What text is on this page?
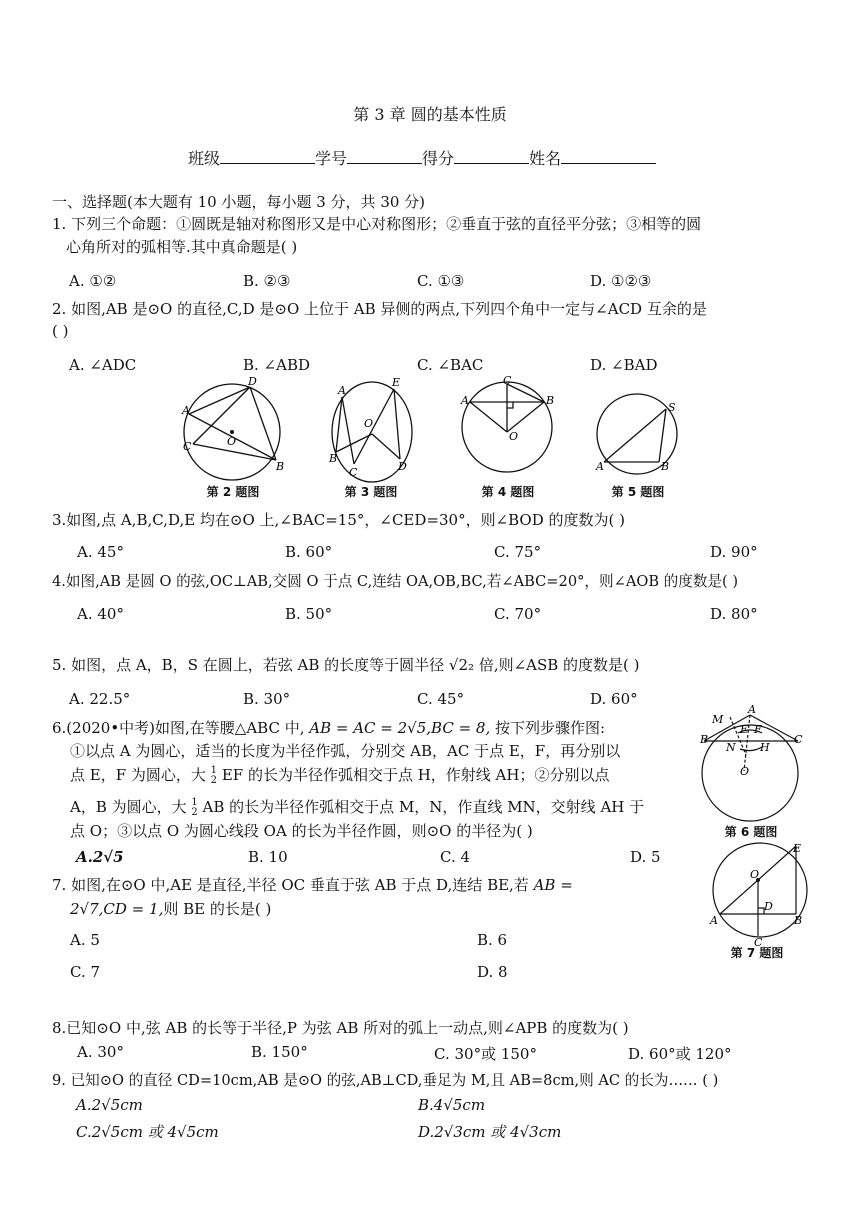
第 3 章 圆的基本性质
班级	学号	得分	姓名
一、选择题(本大题有 10 小题，每小题 3 分，共 30 分)
1. 下列三个命题：①圆既是轴对称图形又是中心对称图形；②垂直于弦的直径平分弦；③相等的圆
心角所对的弧相等.其中真命题是( )
A. ①②	B. ②③	C. ①③	D. ①②③
2. 如图,AB 是⊙O 的直径,C,D 是⊙O 上位于 AB 异侧的两点,下列四个角中一定与∠ACD 互余的是
( )
A. ∠ADC	B. ∠ABD	C. ∠BAC	D. ∠BAD
A
D
C	O
B
A
E
O
B
C	D
C
A	B
O
S
A	B
第 2 题图	第 3 题图	第 4 题图	第 5 题图
3.如图,点 A,B,C,D,E 均在⊙O 上,∠BAC=15°，∠CED=30°，则∠BOD 的度数为( )
A. 45°	B. 60°	C. 75°	D. 90°
4.如图,AB 是圆 O 的弦,OC⊥AB,交圆 O 于点 C,连结 OA,OB,BC,若∠ABC=20°，则∠AOB 的度数是( )
A. 40°	B. 50°	C. 70°	D. 80°
5. 如图，点 A，B，S 在圆上，若弦 AB 的长度等于圆半径 √2₂ 倍,则∠ASB 的度数是( )
A. 22.5°	B. 30°	C. 45°	D. 60°
6.(2020•中考)如图,在等腰△ABC 中, AB = AC = 2√5,BC = 8, 按下列步骤作图:
①以点 A 为圆心，适当的长度为半径作弧，分别交 AB，AC 于点 E，F，再分别以
点 E，F 为圆心，大 1
2 EF 的长为半径作弧相交于点 H，作射线 AH；②分别以点
A，B 为圆心，大 1
2 AB 的长为半径作弧相交于点 M，N，作直线 MN，交射线 AH 于
点 O；③以点 O 为圆心线段 OA 的长为半径作圆，则⊙O 的半径为( )
A.2√5	B. 10	C. 4	D. 5
M
A
B	C
E F
N H
O
第 6 题图
7. 如图,在⊙O 中,AE 是直径,半径 OC 垂直于弦 AB 于点 D,连结 BE,若 AB =
2√7,CD = 1,则 BE 的长是( )
A. 5	B. 6
C. 7	D. 8
E
O
A
D
B
C
第 7 题图
8.已知⊙O 中,弦 AB 的长等于半径,P 为弦 AB 所对的弧上一动点,则∠APB 的度数为( )
A. 30°	B. 150°	C. 30°或 150°	D. 60°或 120°
9. 已知⊙O 的直径 CD=10cm,AB 是⊙O 的弦,AB⊥CD,垂足为 M,且 AB=8cm,则 AC 的长为…… ( )
A.2√5cm	B.4√5cm
C.2√5cm 或 4√5cm	D.2√3cm 或 4√3cm
